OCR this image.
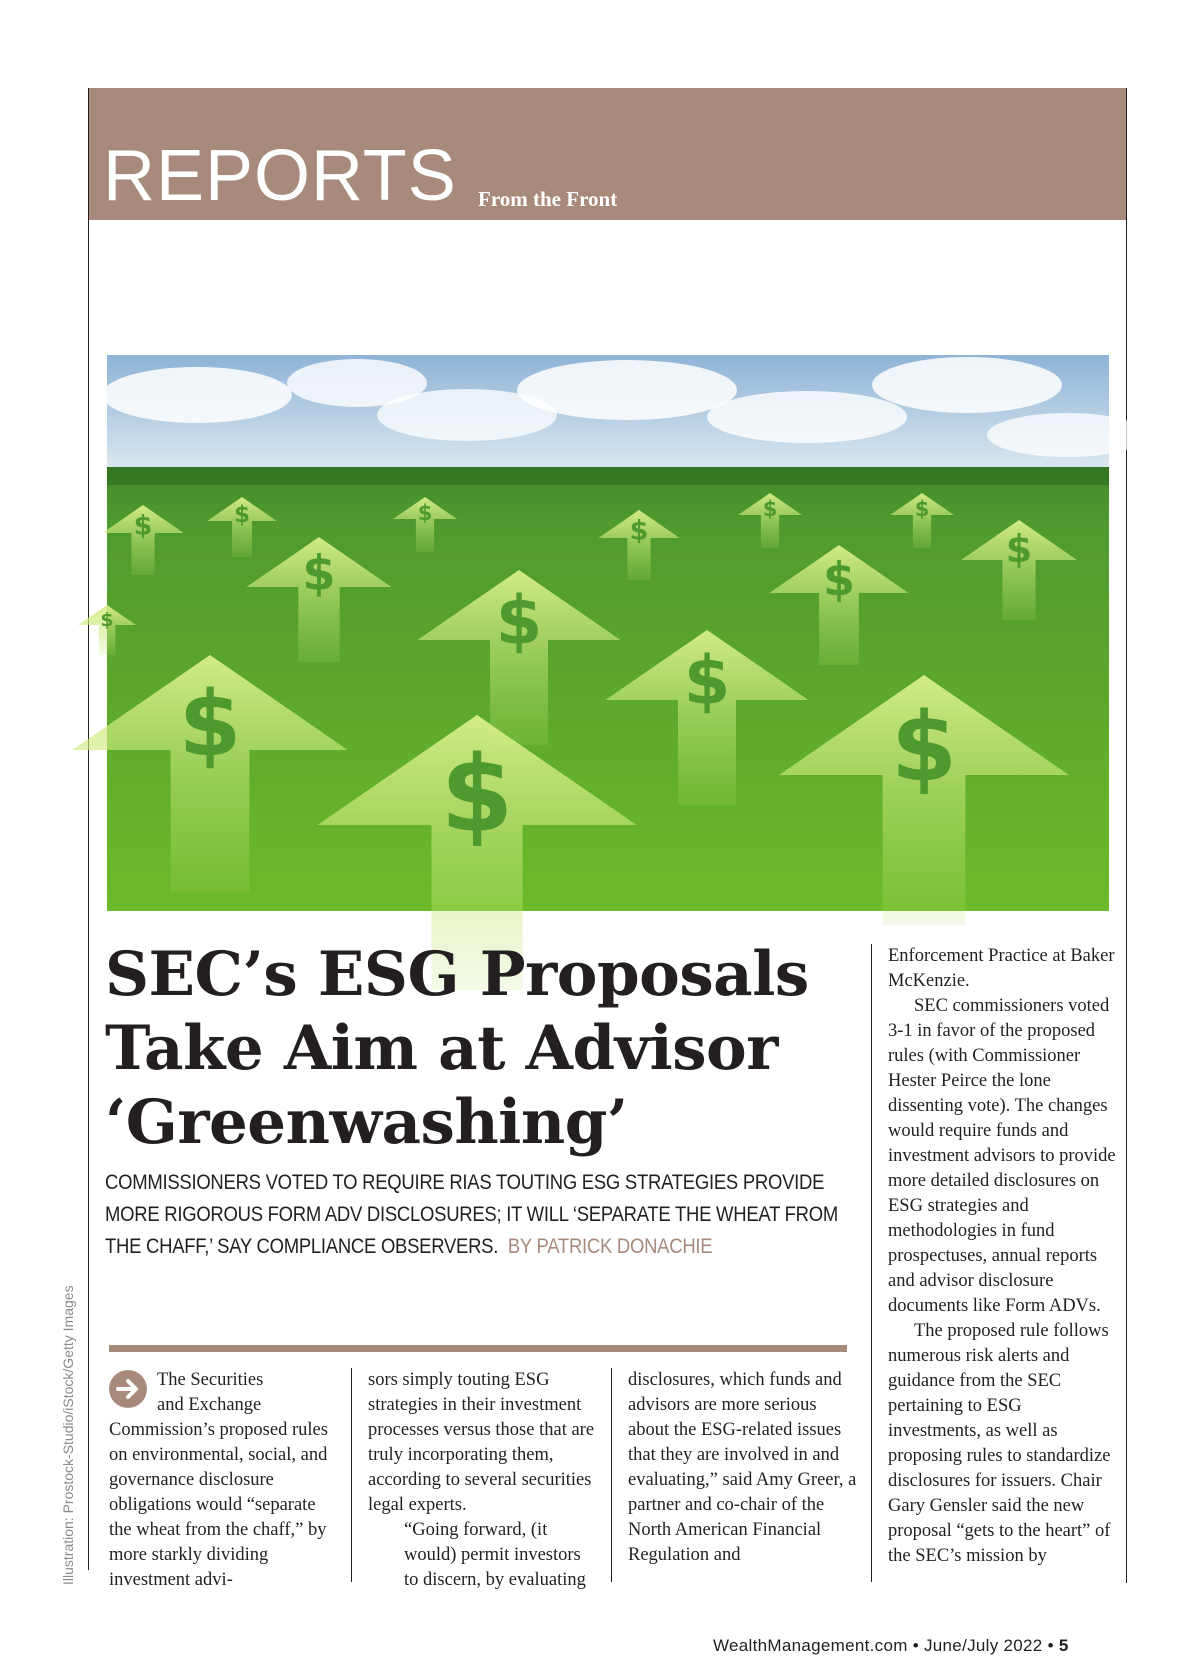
REPORTS From the Front
$	$
$
$
$
$
$
$
$
$
$
$
$	$
$
Illustration: Prostock-Studio/iStock/Getty Images
SEC’s ESG Proposals
Take Aim at Advisor
‘Greenwashing’
COMMISSIONERS VOTED TO REQUIRE RIAS TOUTING ESG STRATEGIES PROVIDE MORE RIGOROUS FORM ADV DISCLOSURES; IT WILL ‘SEPARATE THE WHEAT FROM THE CHAFF,’ SAY COMPLIANCE OBSERVERS. BY PATRICK DONACHIE
The Securities
and Exchange

Commission’s proposed rules on environmental, social, and governance disclosure obligations would “separate the wheat from the chaff,” by more starkly dividing investment advi-

sors simply touting ESG strategies in their investment processes versus those that are truly incorporating them, according to several securities legal experts.

“Going forward, (it would) permit investors to discern, by evaluating

disclosures, which funds and advisors are more serious about the ESG-related issues that they are involved in and evaluating,” said Amy Greer, a partner and co-chair of the North American Financial Regulation and

Enforcement Practice at Baker McKenzie.

SEC commissioners voted 3-1 in favor of the proposed rules (with Commissioner Hester Peirce the lone dissenting vote). The changes would require funds and investment advisors to provide more detailed disclosures on ESG strategies and methodologies in fund prospectuses, annual reports and advisor disclosure documents like Form ADVs.

The proposed rule follows numerous risk alerts and guidance from the SEC pertaining to ESG investments, as well as proposing rules to standardize disclosures for issuers. Chair Gary Gensler said the new proposal “gets to the heart” of the SEC’s mission by

WealthManagement.com • June/July 2022 • 5
